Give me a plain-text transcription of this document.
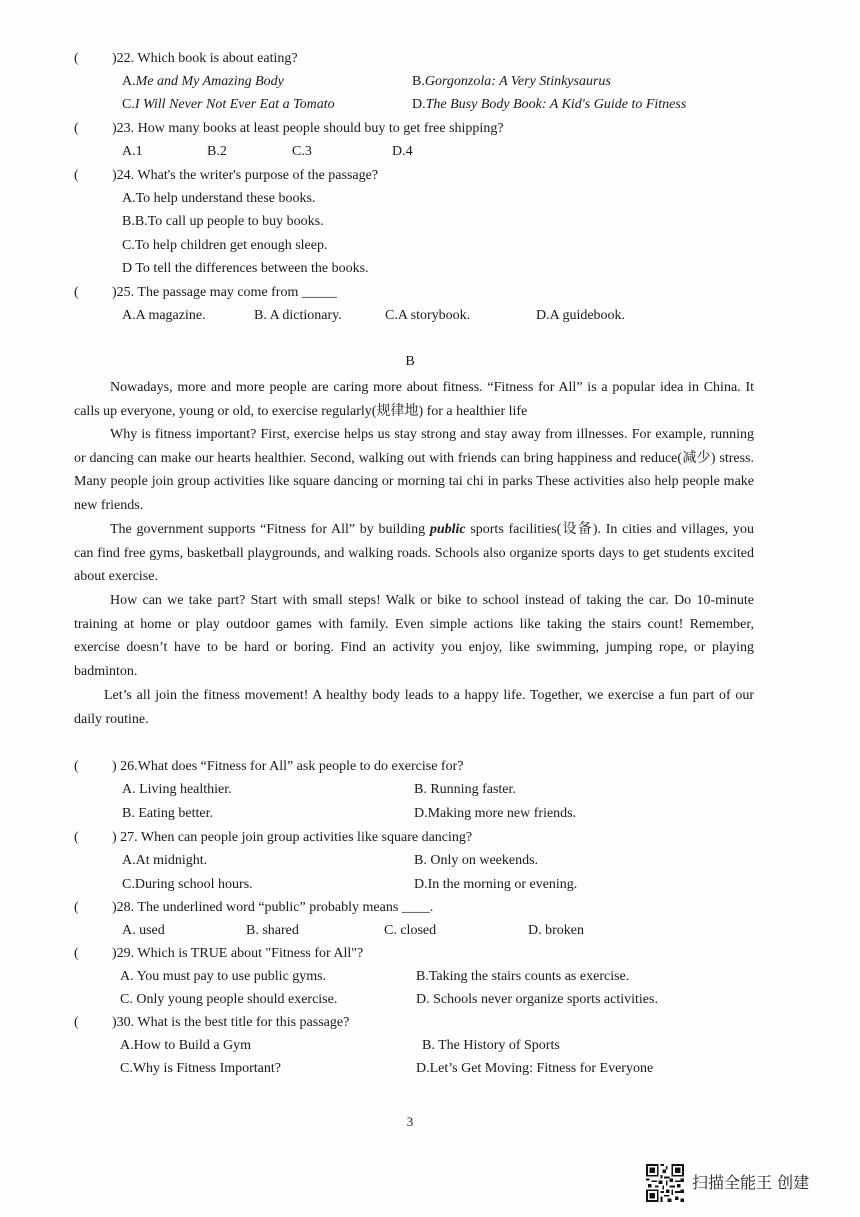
( )22. Which book is about eating?
A.Me and My Amazing Body	B.Gorgonzola: A Very Stinkysaurus
C.I Will Never Not Ever Eat a Tomato	D.The Busy Body Book: A Kid's Guide to Fitness
( )23. How many books at least people should buy to get free shipping?
A.1	B.2	C.3	D.4
( )24. What's the writer's purpose of the passage?
A.To help understand these books.
B.B.To call up people to buy books.
C.To help children get enough sleep.
D To tell the differences between the books.
( )25. The passage may come from _____
A.A magazine.	B. A dictionary.	C.A storybook.	D.A guidebook.
B
Nowadays, more and more people are caring more about fitness. “Fitness for All” is a popular idea in China. It calls up everyone, young or old, to exercise regularly(规律地) for a healthier life
Why is fitness important? First, exercise helps us stay strong and stay away from illnesses. For example, running or dancing can make our hearts healthier. Second, walking out with friends can bring happiness and reduce(减少) stress. Many people join group activities like square dancing or morning tai chi in parks These activities also help people make new friends.
The government supports “Fitness for All” by building public sports facilities(设备). In cities and villages, you can find free gyms, basketball playgrounds, and walking roads. Schools also organize sports days to get students excited about exercise.
How can we take part? Start with small steps! Walk or bike to school instead of taking the car. Do 10-minute training at home or play outdoor games with family. Even simple actions like taking the stairs count! Remember, exercise doesn’t have to be hard or boring. Find an activity you enjoy, like swimming, jumping rope, or playing badminton.
Let’s all join the fitness movement! A healthy body leads to a happy life. Together, we exercise a fun part of our daily routine.
( ) 26.What does “Fitness for All” ask people to do exercise for?
A. Living healthier.	B. Running faster.
B. Eating better.	D.Making more new friends.
( ) 27. When can people join group activities like square dancing?
A.At midnight.	B. Only on weekends.
C.During school hours.	D.In the morning or evening.
( )28. The underlined word “public” probably means ____.
A. used	B. shared	C. closed	D. broken
( )29. Which is TRUE about "Fitness for All"?
A. You must pay to use public gyms.	B.Taking the stairs counts as exercise.
C. Only young people should exercise.	D. Schools never organize sports activities.
( )30. What is the best title for this passage?
A.How to Build a Gym	B. The History of Sports
C.Why is Fitness Important?	D.Let’s Get Moving: Fitness for Everyone
3
扫描全能王 创建
